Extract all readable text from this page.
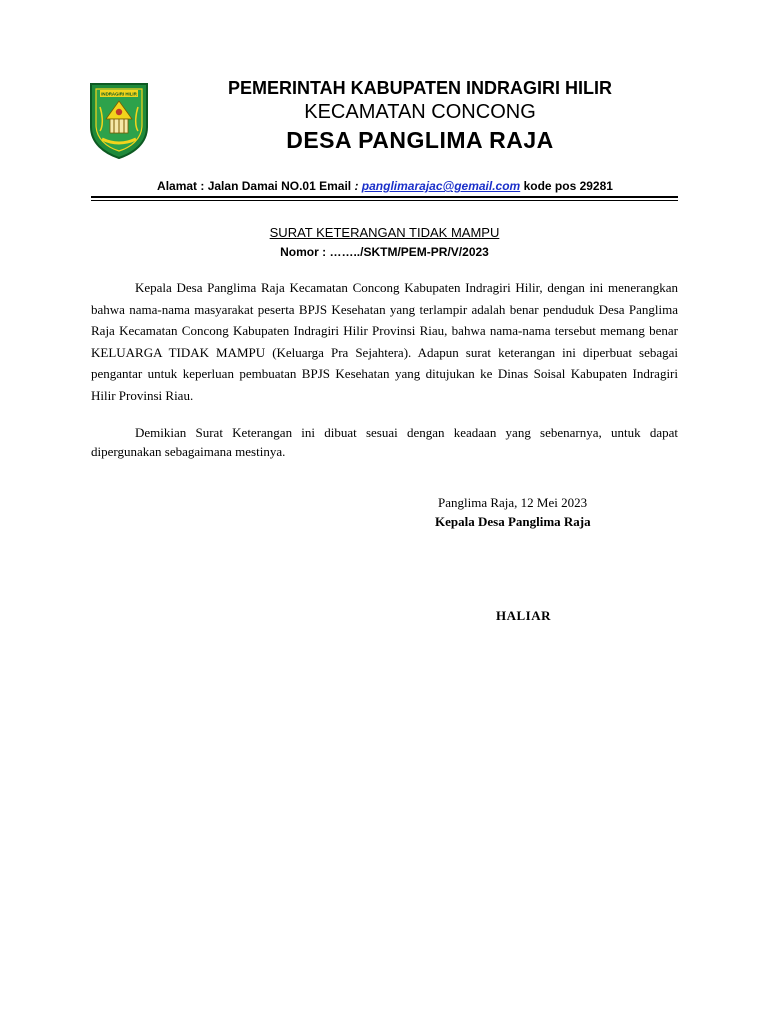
INDRAGIRI HILIR	PEMERINTAH KABUPATEN INDRAGIRI HILIR
KECAMATAN CONCONG
DESA PANGLIMA RAJA
Alamat : Jalan Damai NO.01 Email : panglimarajac@gemail.com kode pos 29281
SURAT KETERANGAN TIDAK MAMPU
Nomor : ……../SKTM/PEM-PR/V/2023

Kepala Desa Panglima Raja Kecamatan Concong Kabupaten Indragiri Hilir, dengan ini menerangkan bahwa nama-nama masyarakat peserta BPJS Kesehatan yang terlampir adalah benar penduduk Desa Panglima Raja Kecamatan Concong Kabupaten Indragiri Hilir Provinsi Riau, bahwa nama-nama tersebut memang benar KELUARGA TIDAK MAMPU (Keluarga Pra Sejahtera). Adapun surat keterangan ini diperbuat sebagai pengantar untuk keperluan pembuatan BPJS Kesehatan yang ditujukan ke Dinas Soisal Kabupaten Indragiri Hilir Provinsi Riau.

Demikian Surat Keterangan ini dibuat sesuai dengan keadaan yang sebenarnya, untuk dapat dipergunakan sebagaimana mestinya.

Panglima Raja, 12 Mei 2023
Kepala Desa Panglima Raja
HALIAR
